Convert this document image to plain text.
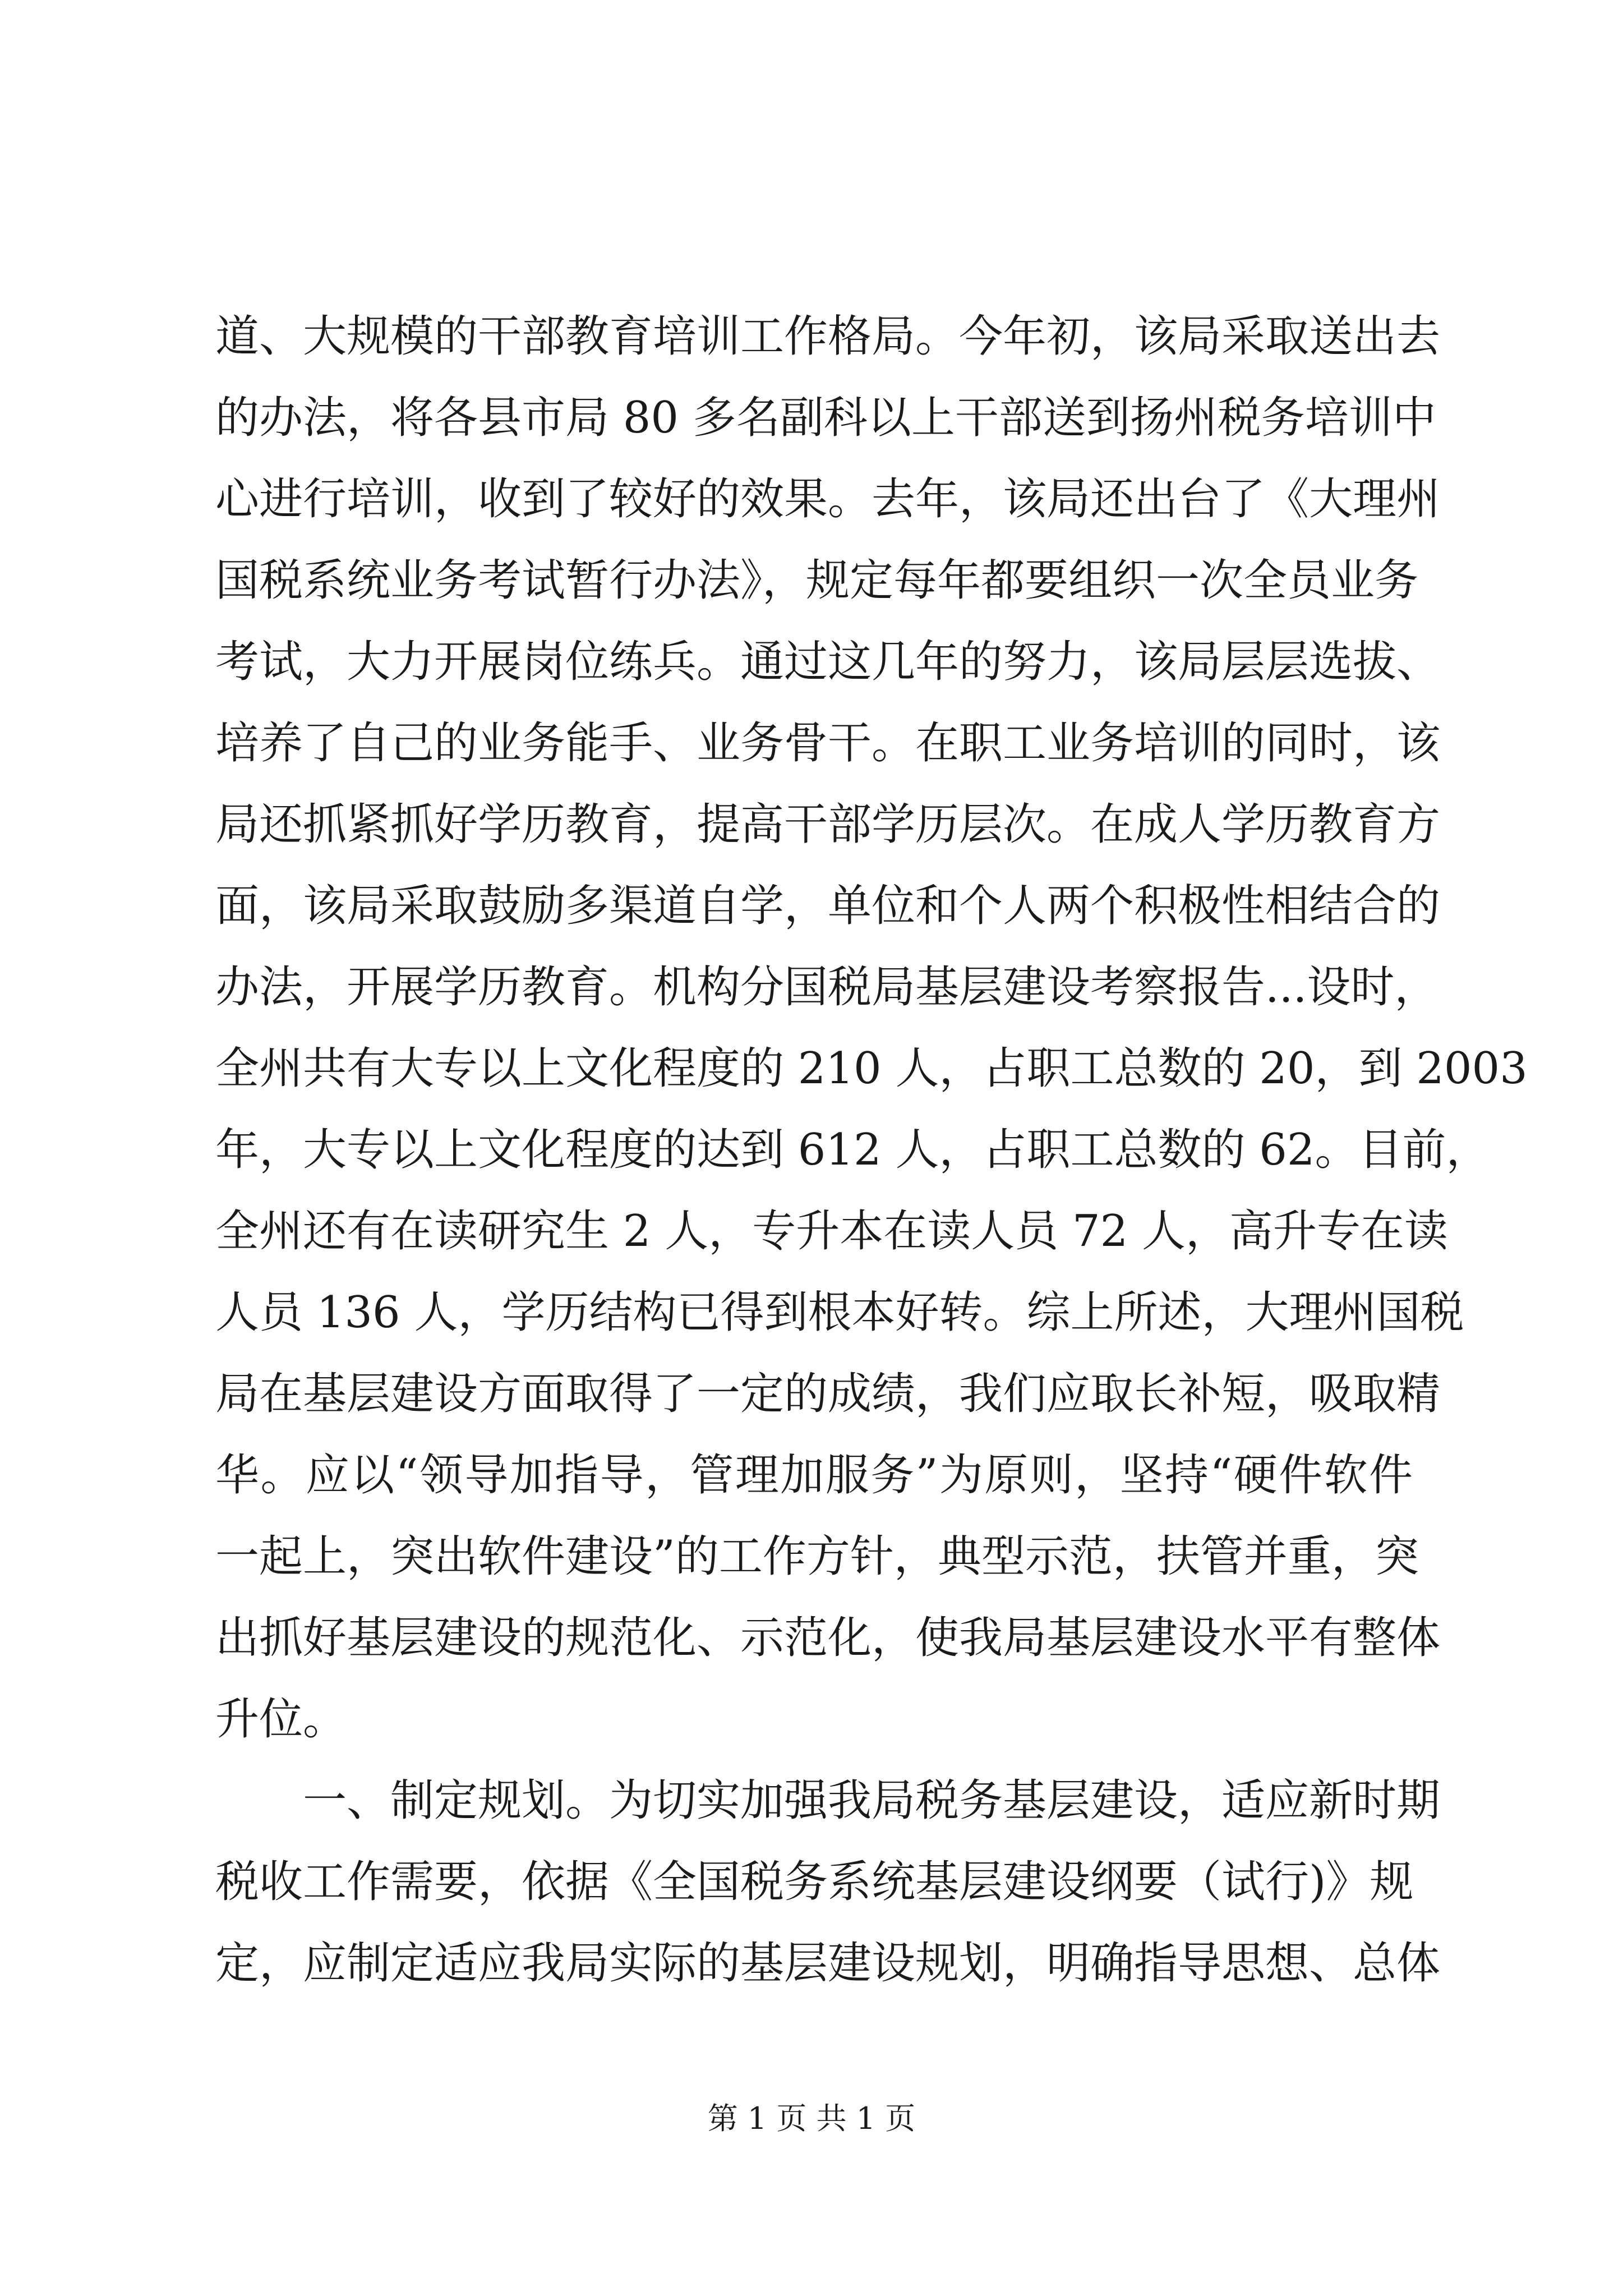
道、大规模的干部教育培训工作格局。今年初，该局采取送出去
的办法，将各县市局 80 多名副科以上干部送到扬州税务培训中
心进行培训，收到了较好的效果。去年，该局还出台了《大理州
国税系统业务考试暂行办法》，规定每年都要组织一次全员业务
考试，大力开展岗位练兵。通过这几年的努力，该局层层选拔、
培养了自己的业务能手、业务骨干。在职工业务培训的同时，该
局还抓紧抓好学历教育，提高干部学历层次。在成人学历教育方
面，该局采取鼓励多渠道自学，单位和个人两个积极性相结合的
办法，开展学历教育。机构分国税局基层建设考察报告...设时，
全州共有大专以上文化程度的 210 人，占职工总数的 20，到 2003
年，大专以上文化程度的达到 612 人，占职工总数的 62。目前，
全州还有在读研究生 2 人，专升本在读人员 72 人，高升专在读
人员 136 人，学历结构已得到根本好转。综上所述，大理州国税
局在基层建设方面取得了一定的成绩，我们应取长补短，吸取精
华。应以“领导加指导，管理加服务”为原则，坚持“硬件软件
一起上，突出软件建设”的工作方针，典型示范，扶管并重，突
出抓好基层建设的规范化、示范化，使我局基层建设水平有整体
升位。
一、制定规划。为切实加强我局税务基层建设，适应新时期
税收工作需要，依据《全国税务系统基层建设纲要（试行)》规
定，应制定适应我局实际的基层建设规划，明确指导思想、总体
第 1 页 共 1 页
